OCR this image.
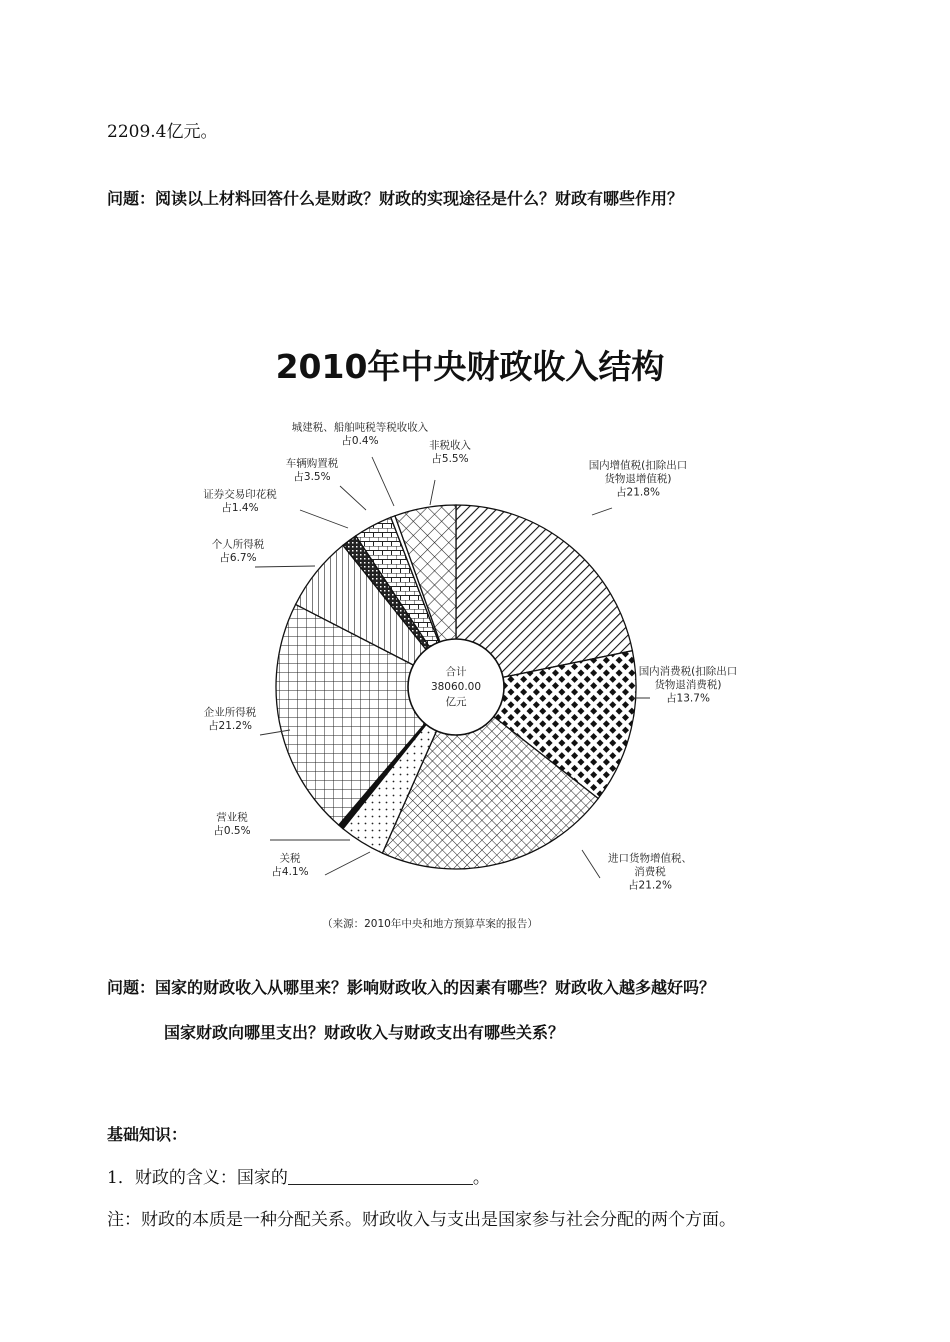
2209.4亿元。
问题：阅读以上材料回答什么是财政？财政的实现途径是什么？财政有哪些作用？
2010年中央财政收入结构
国内增值税(扣除出口
货物退增值税)
占21.8%
国内消费税(扣除出口
货物退消费税)
占13.7%
进口货物增值税、
消费税
占21.2%
关税
占4.1%
营业税
占0.5%
企业所得税
占21.2%
个人所得税
占6.7%
证券交易印花税
占1.4%
车辆购置税
占3.5%
城建税、船舶吨税等税收收入
占0.4%	非税收入
占5.5%
合计
38060.00
亿元
（来源：2010年中央和地方预算草案的报告）
问题：国家的财政收入从哪里来？影响财政收入的因素有哪些？财政收入越多越好吗？
国家财政向哪里支出？财政收入与财政支出有哪些关系？
基础知识：
1．财政的含义：国家的	。
注：财政的本质是一种分配关系。财政收入与支出是国家参与社会分配的两个方面。
